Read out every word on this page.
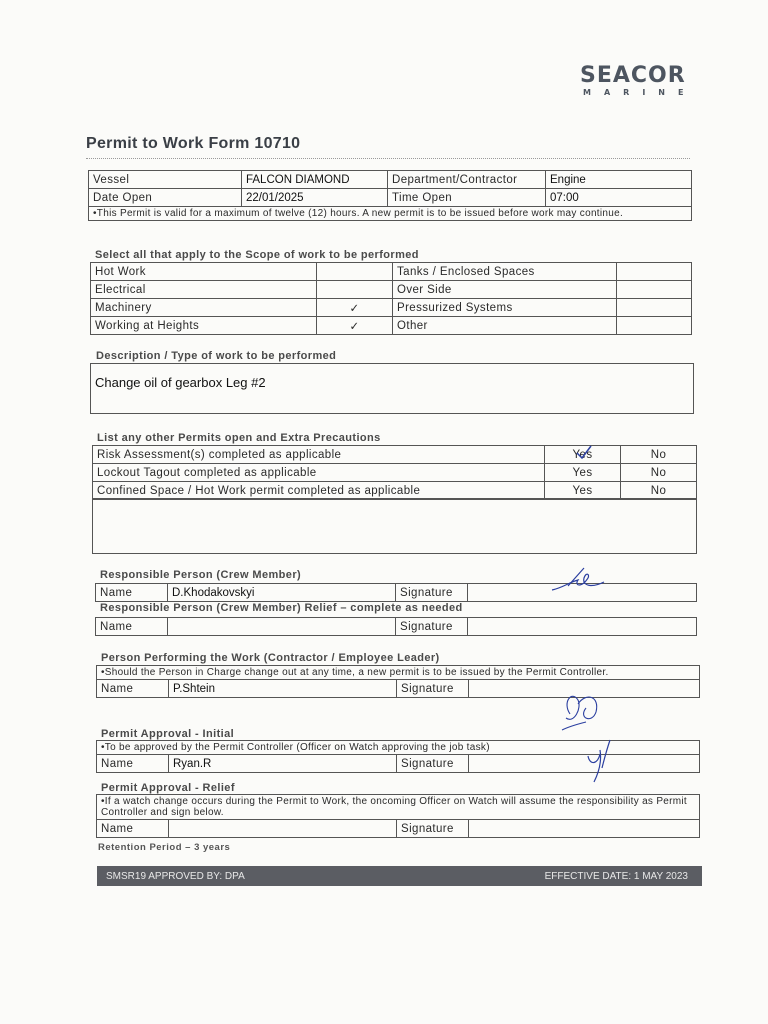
SEACOR
MARINE
Permit to Work Form 10710
Vessel	FALCON DIAMOND	Department/Contractor	Engine
Date Open	22/01/2025	Time Open	07:00
•This Permit is valid for a maximum of twelve (12) hours. A new permit is to be issued before work may continue.			
Select all that apply to the Scope of work to be performed
Hot Work		Tanks / Enclosed Spaces	
Electrical		Over Side	
Machinery	✓	Pressurized Systems	
Working at Heights	✓	Other	
Description / Type of work to be performed
Change oil of gearbox Leg #2
List any other Permits open and Extra Precautions
Risk Assessment(s) completed as applicable	Yes	No
Lockout Tagout completed as applicable	Yes	No
Confined Space / Hot Work permit completed as applicable	Yes	No
Responsible Person (Crew Member)
Name	D.Khodakovskyi	Signature	
Responsible Person (Crew Member) Relief – complete as needed
Name		Signature	
Person Performing the Work (Contractor / Employee Leader)
•Should the Person in Charge change out at any time, a new permit is to be issued by the Permit Controller.
Name	P.Shtein	Signature	
Permit Approval - Initial
•To be approved by the Permit Controller (Officer on Watch approving the job task)
Name	Ryan.R	Signature	
Permit Approval - Relief
•If a watch change occurs during the Permit to Work, the oncoming Officer on Watch will assume the responsibility as Permit Controller and sign below.
Name		Signature	
Retention Period – 3 years
SMSR19 APPROVED BY: DPA	EFFECTIVE DATE: 1 MAY 2023
